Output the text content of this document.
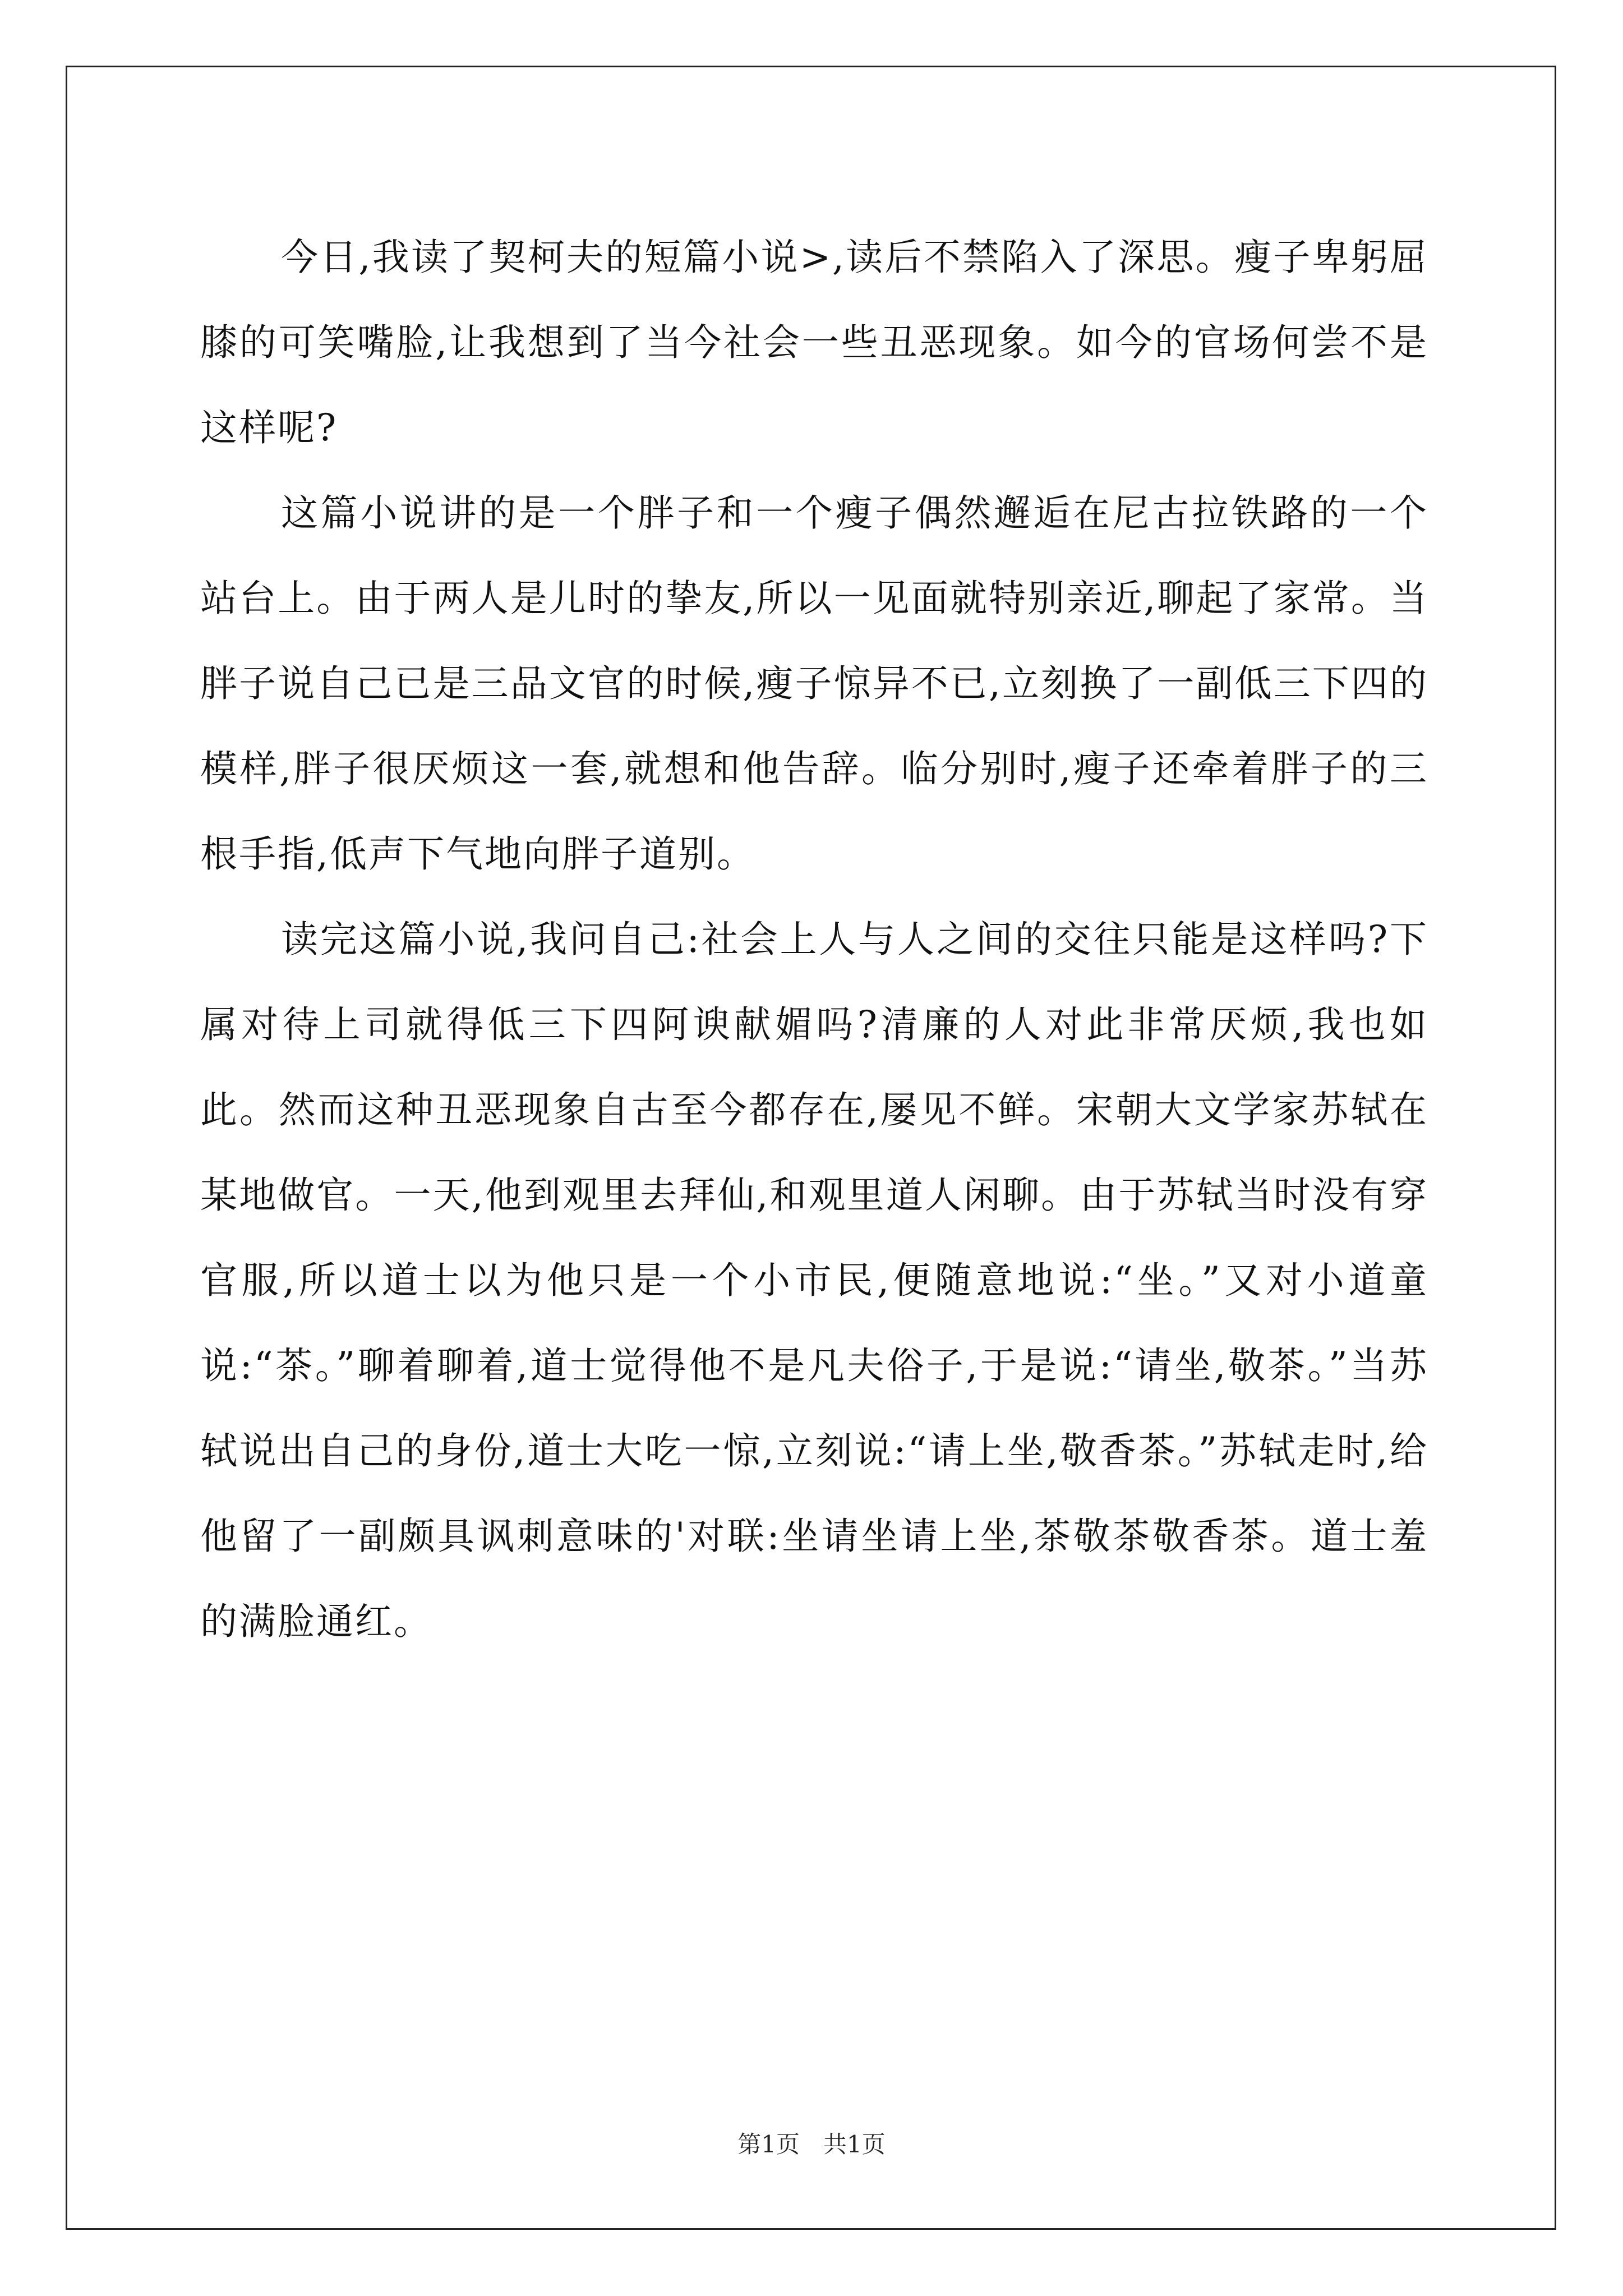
今日,我读了契柯夫的短篇小说>,读后不禁陷入了深思。瘦子卑躬屈膝的可笑嘴脸,让我想到了当今社会一些丑恶现象。如今的官场何尝不是这样呢?

这篇小说讲的是一个胖子和一个瘦子偶然邂逅在尼古拉铁路的一个站台上。由于两人是儿时的挚友,所以一见面就特别亲近,聊起了家常。当胖子说自己已是三品文官的时候,瘦子惊异不已,立刻换了一副低三下四的模样,胖子很厌烦这一套,就想和他告辞。临分别时,瘦子还牵着胖子的三根手指,低声下气地向胖子道别。

读完这篇小说,我问自己:社会上人与人之间的交往只能是这样吗?下属对待上司就得低三下四阿谀献媚吗?清廉的人对此非常厌烦,我也如此。然而这种丑恶现象自古至今都存在,屡见不鲜。宋朝大文学家苏轼在某地做官。一天,他到观里去拜仙,和观里道人闲聊。由于苏轼当时没有穿官服,所以道士以为他只是一个小市民,便随意地说:“坐。”又对小道童说:“茶。”聊着聊着,道士觉得他不是凡夫俗子,于是说:“请坐,敬茶。”当苏轼说出自己的身份,道士大吃一惊,立刻说:“请上坐,敬香茶。”苏轼走时,给他留了一副颇具讽刺意味的'对联:坐请坐请上坐,茶敬茶敬香茶。道士羞的满脸通红。

第1页　共1页
